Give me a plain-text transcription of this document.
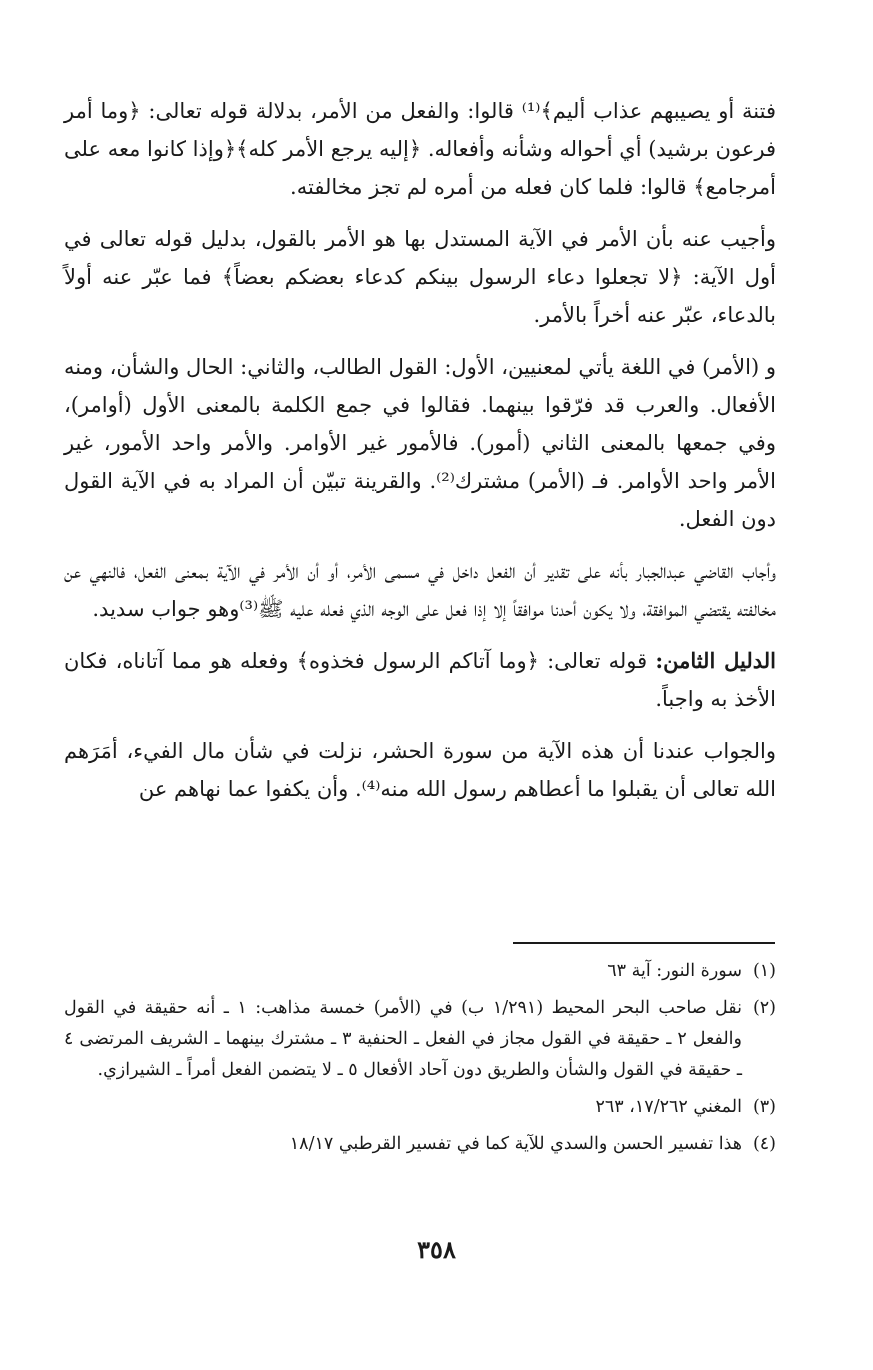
فتنة أو يصيبهم عذاب أليم﴾⁽¹⁾ قالوا: والفعل من الأمر، بدلالة قوله تعالى: ﴿وما أمر فرعون برشيد) أي أحواله وشأنه وأفعاله. ﴿إليه يرجع الأمر كله﴾﴿وإذا كانوا معه على أمرجامع﴾ قالوا: فلما كان فعله من أمره لم تجز مخالفته.

وأجيب عنه بأن الأمر في الآية المستدل بها هو الأمر بالقول، بدليل قوله تعالى في أول الآية: ﴿لا تجعلوا دعاء الرسول بينكم كدعاء بعضكم بعضاً﴾ فما عبّر عنه أولاً بالدعاء، عبّر عنه أخراً بالأمر.

و (الأمر) في اللغة يأتي لمعنيين، الأول: القول الطالب، والثاني: الحال والشأن، ومنه الأفعال. والعرب قد فرّقوا بينهما. فقالوا في جمع الكلمة بالمعنى الأول (أوامر)، وفي جمعها بالمعنى الثاني (أمور). فالأمور غير الأوامر. والأمر واحد الأمور، غير الأمر واحد الأوامر. فـ (الأمر) مشترك⁽²⁾. والقرينة تبيّن أن المراد به في الآية القول دون الفعل.

وأجاب القاضي عبدالجبار بأنه على تقدير أن الفعل داخل في مسمى الأمر، أو أن الأمر في الآية بمعنى الفعل، فالنهي عن مخالفته يقتضي الموافقة، ولا يكون أحدنا موافقاً إلا إذا فعل على الوجه الذي فعله عليه ﷺ⁽³⁾وهو جواب سديد.

الدليل الثامن: قوله تعالى: ﴿وما آتاكم الرسول فخذوه﴾ وفعله هو مما آتاناه، فكان الأخذ به واجباً.

والجواب عندنا أن هذه الآية من سورة الحشر، نزلت في شأن مال الفيء، أمَرَهم الله تعالى أن يقبلوا ما أعطاهم رسول الله منه⁽⁴⁾. وأن يكفوا عما نهاهم عن

(١)
سورة النور: آية ٦٣
(٢)
نقل صاحب البحر المحيط (١/٢٩١ ب) في (الأمر) خمسة مذاهب: ١ ـ أنه حقيقة في القول والفعل ٢ ـ حقيقة في القول مجاز في الفعل ـ الحنفية ٣ ـ مشترك بينهما ـ الشريف المرتضى ٤ ـ حقيقة في القول والشأن والطريق دون آحاد الأفعال ٥ ـ لا يتضمن الفعل أمراً ـ الشيرازي.
(٣)
المغني ١٧/٢٦٢، ٢٦٣
(٤)
هذا تفسير الحسن والسدي للآية كما في تفسير القرطبي ١٨/١٧
٣٥٨
